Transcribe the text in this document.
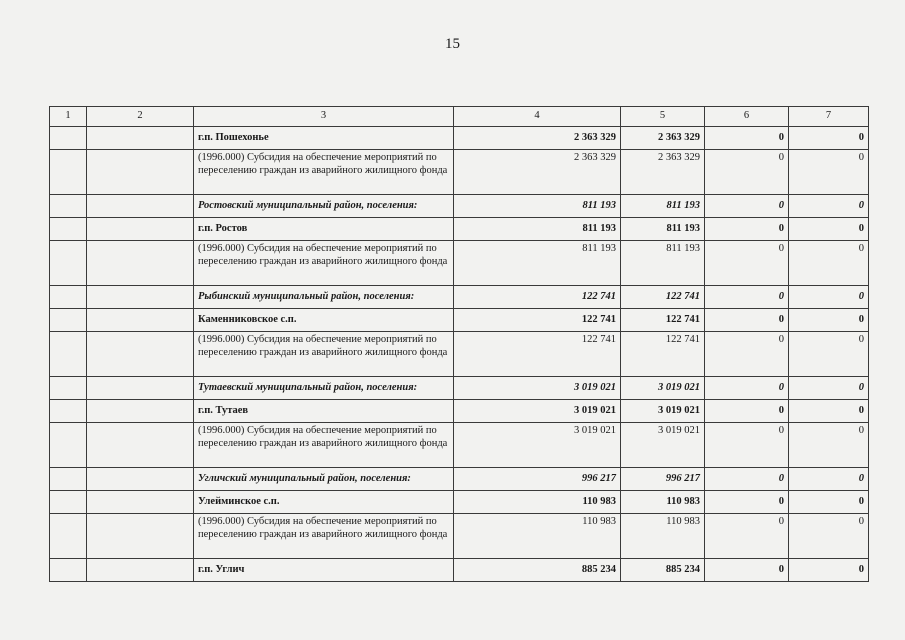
15
1	2	3	4	5	6	7
		г.п. Пошехонье	2 363 329	2 363 329	0	0
		(1996.000) Субсидия на обеспечение мероприятий по переселению граждан из аварийного жилищного фонда	2 363 329	2 363 329	0	0
		Ростовский муниципальный район, поселения:	811 193	811 193	0	0
		г.п. Ростов	811 193	811 193	0	0
		(1996.000) Субсидия на обеспечение мероприятий по переселению граждан из аварийного жилищного фонда	811 193	811 193	0	0
		Рыбинский муниципальный район, поселения:	122 741	122 741	0	0
		Каменниковское с.п.	122 741	122 741	0	0
		(1996.000) Субсидия на обеспечение мероприятий по переселению граждан из аварийного жилищного фонда	122 741	122 741	0	0
		Тутаевский муниципальный район, поселения:	3 019 021	3 019 021	0	0
		г.п. Тутаев	3 019 021	3 019 021	0	0
		(1996.000) Субсидия на обеспечение мероприятий по переселению граждан из аварийного жилищного фонда	3 019 021	3 019 021	0	0
		Угличский муниципальный район, поселения:	996 217	996 217	0	0
		Улейминское с.п.	110 983	110 983	0	0
		(1996.000) Субсидия на обеспечение мероприятий по переселению граждан из аварийного жилищного фонда	110 983	110 983	0	0
		г.п. Углич	885 234	885 234	0	0
